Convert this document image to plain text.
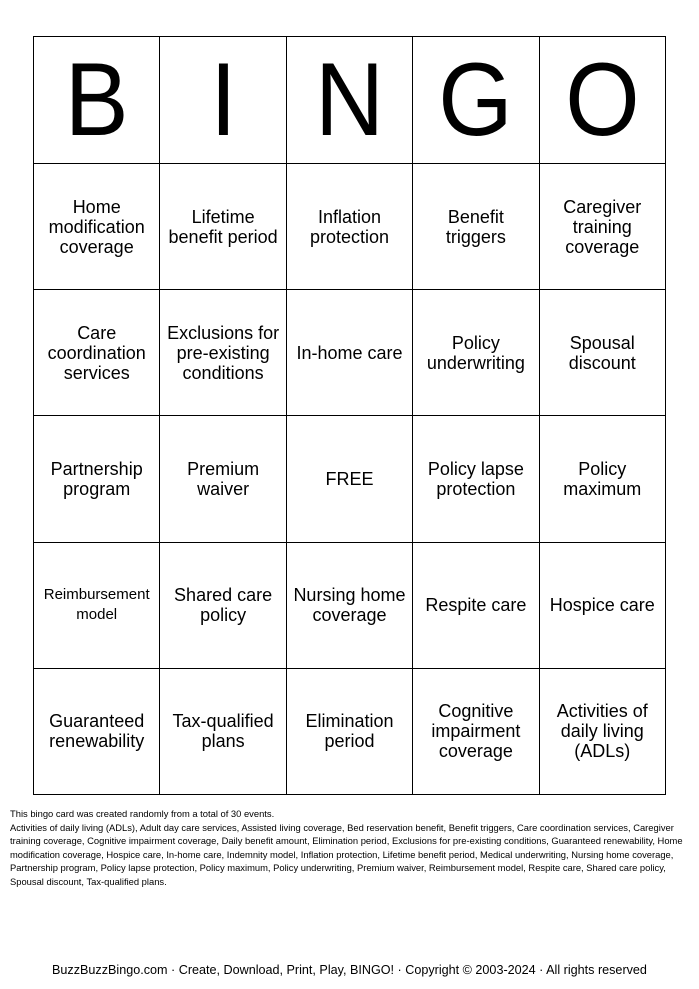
B	I	N	G	O
Home modification coverage	Lifetime benefit period	Inflation protection	Benefit triggers	Caregiver training coverage
Care coordination services	Exclusions for pre-existing conditions	In-home care	Policy underwriting	Spousal discount
Partnership program	Premium waiver	FREE	Policy lapse protection	Policy maximum
Reimbursement model	Shared care policy	Nursing home coverage	Respite care	Hospice care
Guaranteed renewability	Tax-qualified plans	Elimination period	Cognitive impairment coverage	Activities of daily living (ADLs)
This bingo card was created randomly from a total of 30 events.
Activities of daily living (ADLs), Adult day care services, Assisted living coverage, Bed reservation benefit, Benefit triggers, Care coordination services, Caregiver training coverage, Cognitive impairment coverage, Daily benefit amount, Elimination period, Exclusions for pre-existing conditions, Guaranteed renewability, Home modification coverage, Hospice care, In-home care, Indemnity model, Inflation protection, Lifetime benefit period, Medical underwriting, Nursing home coverage, Partnership program, Policy lapse protection, Policy maximum, Policy underwriting, Premium waiver, Reimbursement model, Respite care, Shared care policy, Spousal discount, Tax-qualified plans.
BuzzBuzzBingo.com · Create, Download, Print, Play, BINGO! · Copyright © 2003-2024 · All rights reserved
